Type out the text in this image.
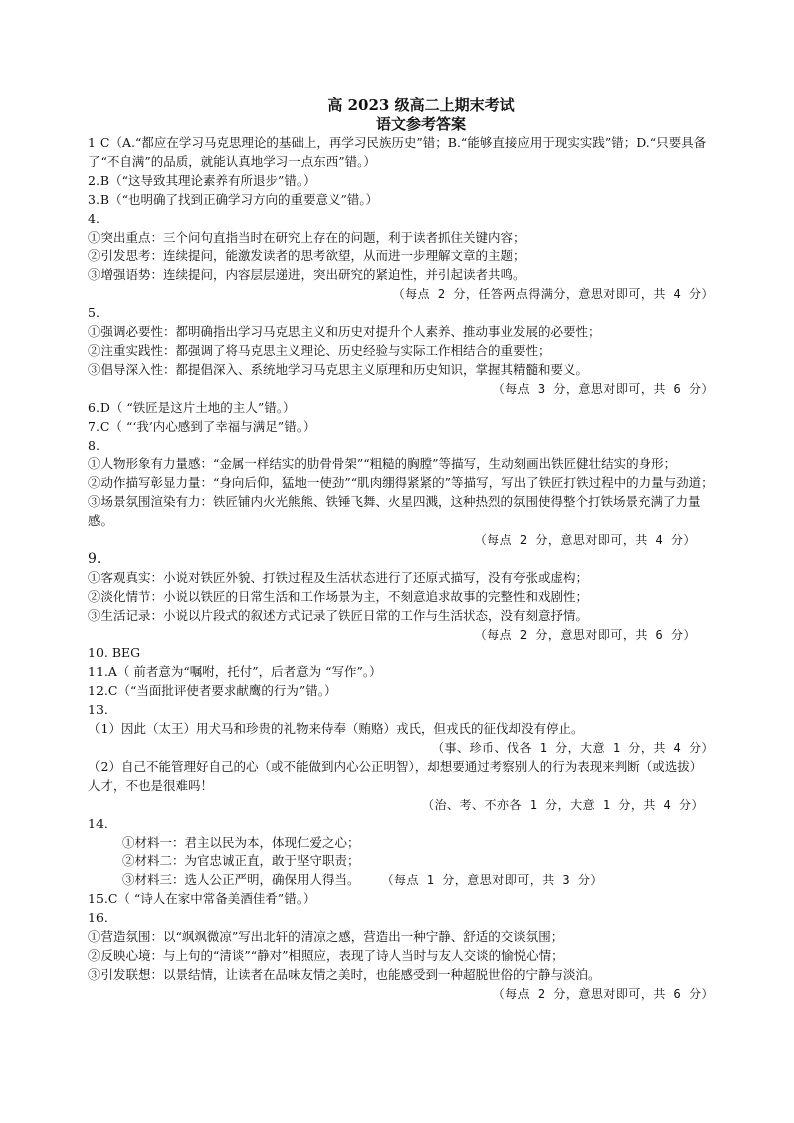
高 2023 级高二上期末考试
语文参考答案
1 C（A.“都应在学习马克思理论的基础上，再学习民族历史”错；B.“能够直接应用于现实实践”错；D.“只要具备了“不自满”的品质，就能认真地学习一点东西”错。）
2.B（“这导致其理论素养有所退步”错。）
3.B（“也明确了找到正确学习方向的重要意义”错。）
4.
①突出重点：三个问句直指当时在研究上存在的问题，利于读者抓住关键内容；
②引发思考：连续提问，能激发读者的思考欲望，从而进一步理解文章的主题；
③增强语势：连续提问，内容层层递进，突出研究的紧迫性，并引起读者共鸣。
（每点 2 分，任答两点得满分，意思对即可，共 4 分）
5.
①强调必要性：都明确指出学习马克思主义和历史对提升个人素养、推动事业发展的必要性；
②注重实践性：都强调了将马克思主义理论、历史经验与实际工作相结合的重要性；
③倡导深入性：都提倡深入、系统地学习马克思主义原理和历史知识，掌握其精髓和要义。
（每点 3 分，意思对即可，共 6 分）
6.D（ “铁匠是这片土地的主人”错。）
7.C（ “‘我’内心感到了幸福与满足”错。）
8.
①人物形象有力量感：“金属一样结实的肋骨骨架”“粗糙的胸膛”等描写，生动刻画出铁匠健壮结实的身形；
②动作描写彰显力量：“身向后仰，猛地一使劲”“肌肉绷得紧紧的”等描写，写出了铁匠打铁过程中的力量与劲道；
③场景氛围渲染有力：铁匠铺内火光熊熊、铁锤飞舞、火星四溅，这种热烈的氛围使得整个打铁场景充满了力量感。
（每点 2 分，意思对即可，共 4 分）
9.
①客观真实：小说对铁匠外貌、打铁过程及生活状态进行了还原式描写，没有夸张或虚构；
②淡化情节：小说以铁匠的日常生活和工作场景为主，不刻意追求故事的完整性和戏剧性；
③生活记录：小说以片段式的叙述方式记录了铁匠日常的工作与生活状态，没有刻意抒情。
（每点 2 分，意思对即可，共 6 分）
10. BEG
11.A（ 前者意为“嘱咐，托付”，后者意为 “写作”。）
12.C（“当面批评使者要求献鹰的行为”错。）
13.
（1）因此（太王）用犬马和珍贵的礼物来侍奉（贿赂）戎氏，但戎氏的征伐却没有停止。
（事、珍币、伐各 1 分，大意 1 分，共 4 分）
（2）自己不能管理好自己的心（或不能做到内心公正明智），却想要通过考察别人的行为表现来判断（或选拔）人才，不也是很难吗！
（治、考、不亦各 1 分，大意 1 分，共 4 分）
14.
①材料一：君主以民为本，体现仁爱之心；
②材料二：为官忠诚正直，敢于坚守职责；
③材料三：选人公正严明，确保用人得当。 （每点 1 分，意思对即可，共 3 分）
15.C（ “诗人在家中常备美酒佳肴”错。）
16.
①营造氛围：以“飒飒微凉”写出北轩的清凉之感，营造出一种宁静、舒适的交谈氛围；
②反映心境：与上句的“清谈”“静对”相照应，表现了诗人当时与友人交谈的愉悦心情；
③引发联想：以景结情，让读者在品味友情之美时，也能感受到一种超脱世俗的宁静与淡泊。
（每点 2 分，意思对即可，共 6 分）
